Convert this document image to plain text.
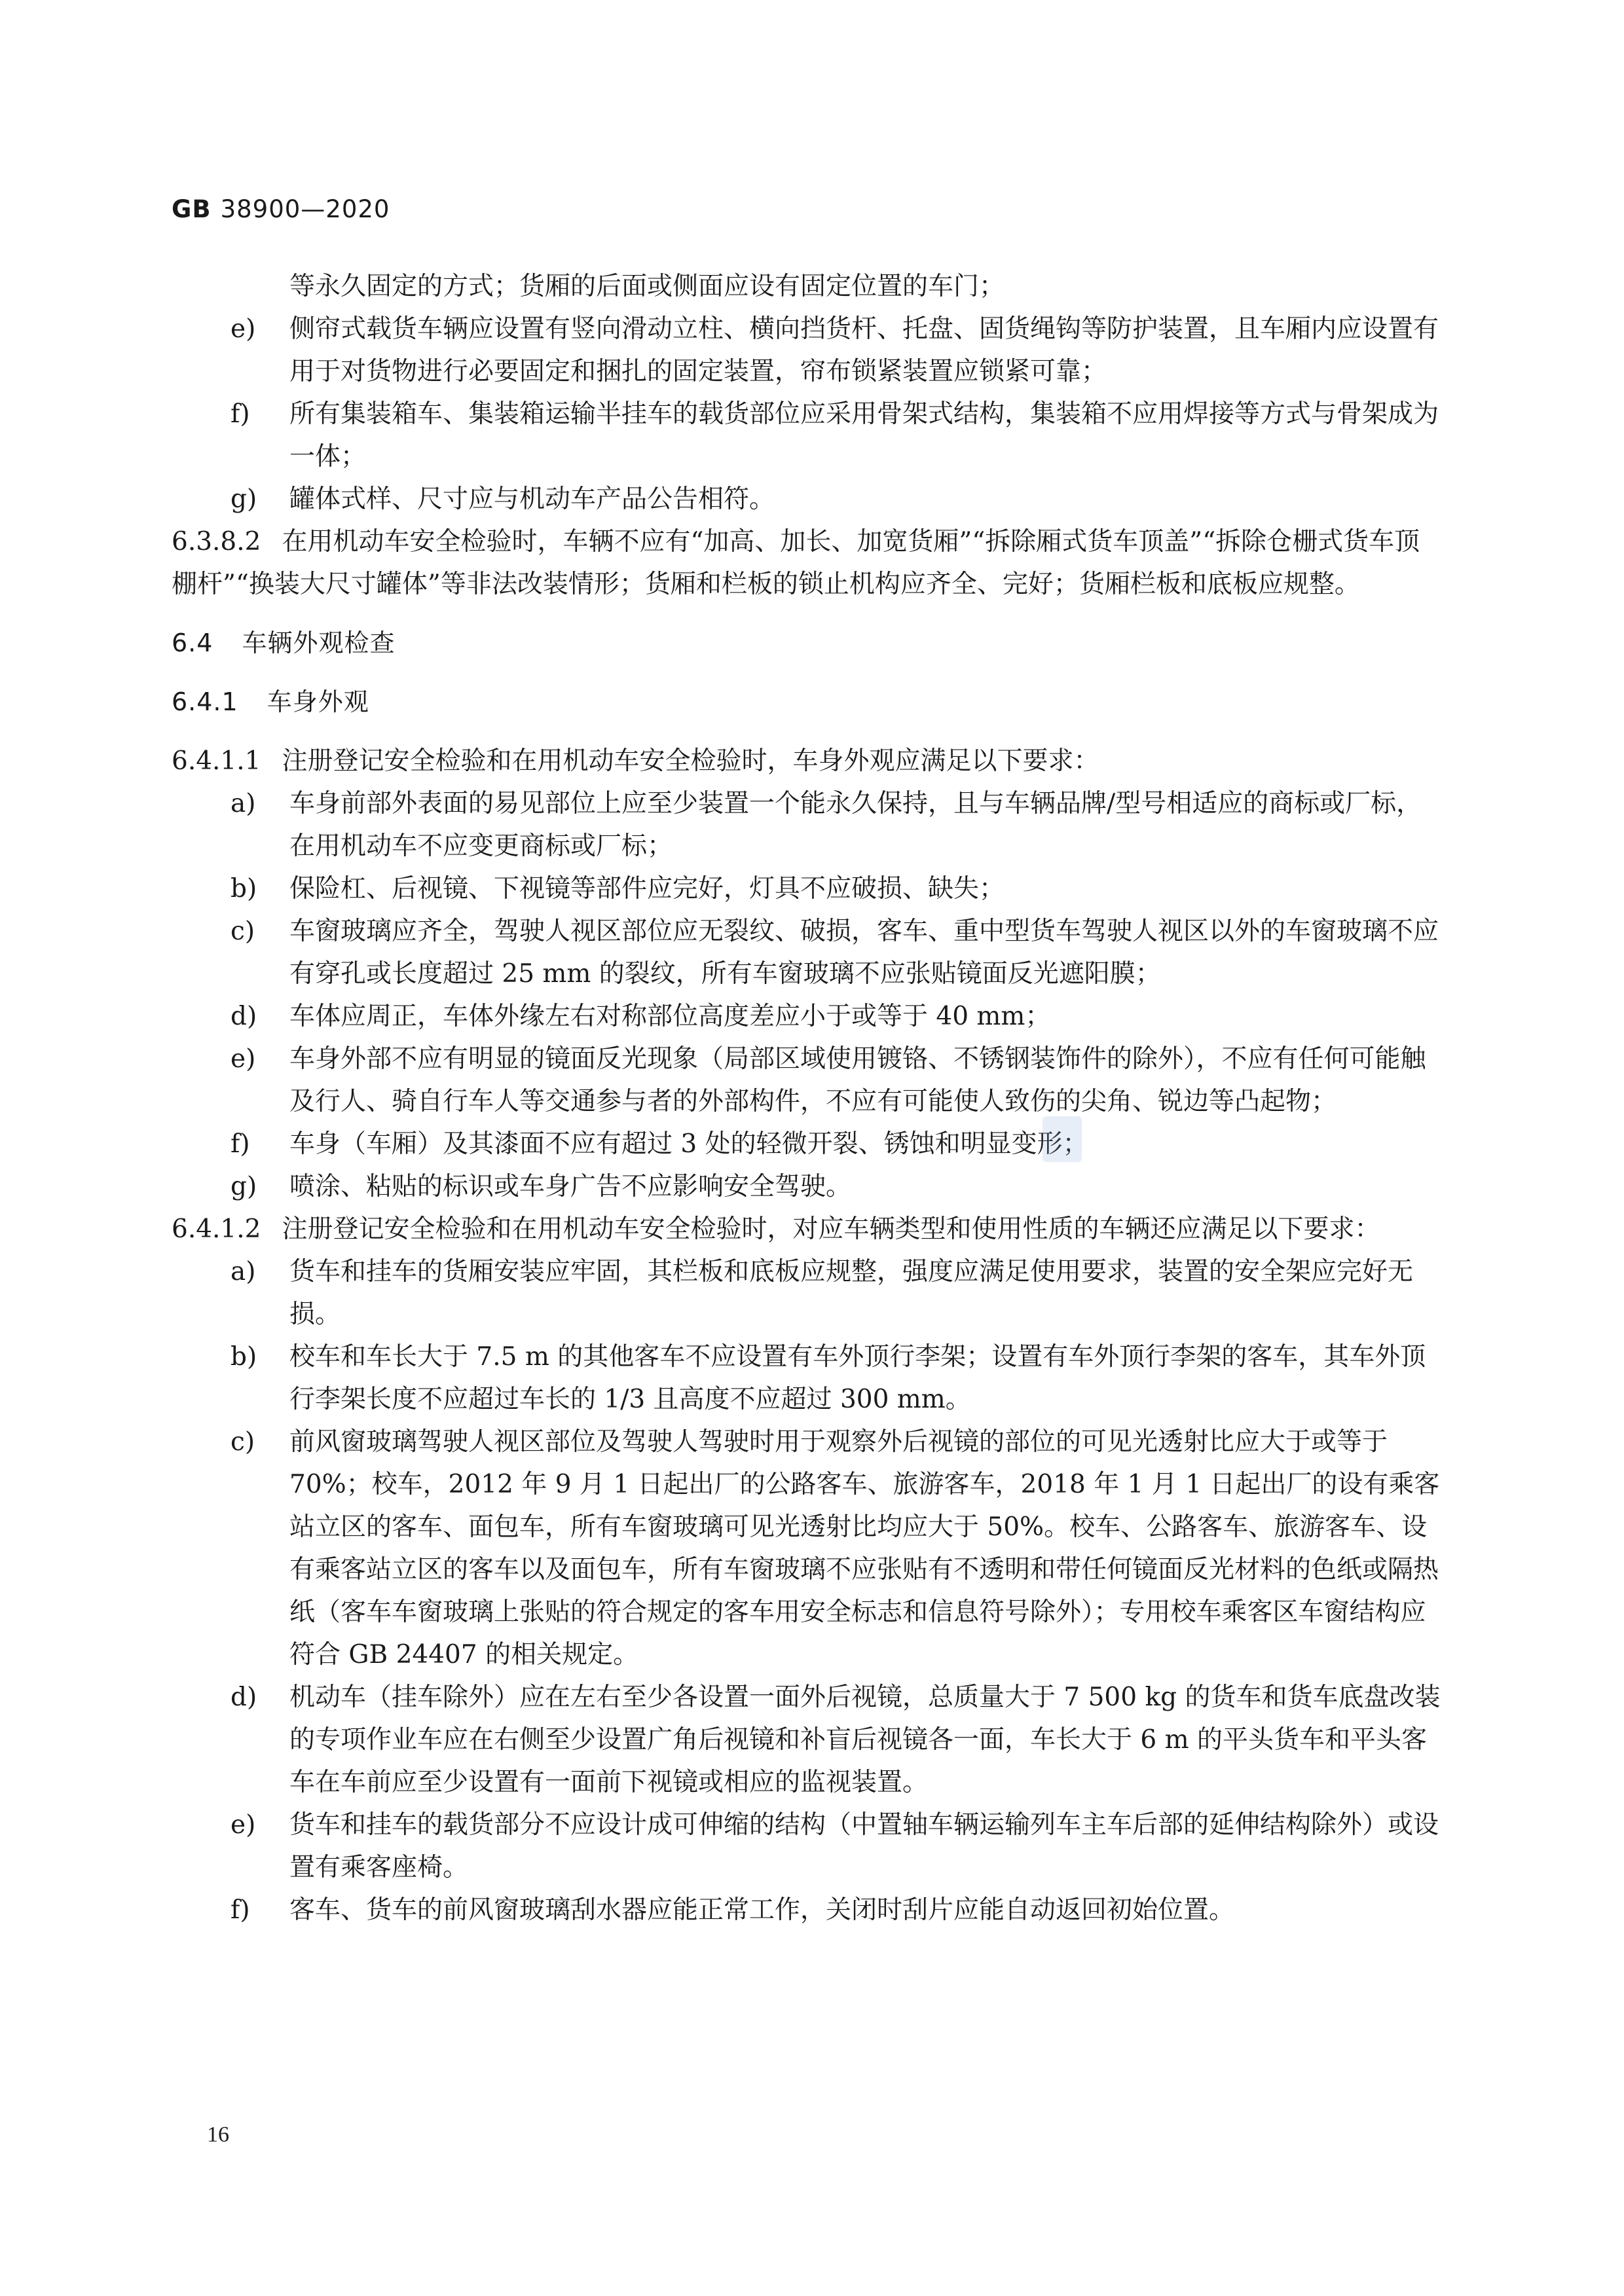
GB 38900—2020
等永久固定的方式；货厢的后面或侧面应设有固定位置的车门；
e) 侧帘式载货车辆应设置有竖向滑动立柱、横向挡货杆、托盘、固货绳钩等防护装置，且车厢内应设置有用于对货物进行必要固定和捆扎的固定装置，帘布锁紧装置应锁紧可靠；
f) 所有集装箱车、集装箱运输半挂车的载货部位应采用骨架式结构，集装箱不应用焊接等方式与骨架成为一体；
g) 罐体式样、尺寸应与机动车产品公告相符。
6.3.8.2 在用机动车安全检验时，车辆不应有“加高、加长、加宽货厢”“拆除厢式货车顶盖”“拆除仓栅式货车顶棚杆”“换装大尺寸罐体”等非法改装情形；货厢和栏板的锁止机构应齐全、完好；货厢栏板和底板应规整。
6.4 车辆外观检查
6.4.1 车身外观
6.4.1.1 注册登记安全检验和在用机动车安全检验时，车身外观应满足以下要求：
a) 车身前部外表面的易见部位上应至少装置一个能永久保持，且与车辆品牌/型号相适应的商标或厂标，在用机动车不应变更商标或厂标；
b) 保险杠、后视镜、下视镜等部件应完好，灯具不应破损、缺失；
c) 车窗玻璃应齐全，驾驶人视区部位应无裂纹、破损，客车、重中型货车驾驶人视区以外的车窗玻璃不应有穿孔或长度超过 25 mm 的裂纹，所有车窗玻璃不应张贴镜面反光遮阳膜；
d) 车体应周正，车体外缘左右对称部位高度差应小于或等于 40 mm；
e) 车身外部不应有明显的镜面反光现象（局部区域使用镀铬、不锈钢装饰件的除外），不应有任何可能触及行人、骑自行车人等交通参与者的外部构件，不应有可能使人致伤的尖角、锐边等凸起物；
f) 车身（车厢）及其漆面不应有超过 3 处的轻微开裂、锈蚀和明显变形；
g) 喷涂、粘贴的标识或车身广告不应影响安全驾驶。
6.4.1.2 注册登记安全检验和在用机动车安全检验时，对应车辆类型和使用性质的车辆还应满足以下要求：
a) 货车和挂车的货厢安装应牢固，其栏板和底板应规整，强度应满足使用要求，装置的安全架应完好无损。
b) 校车和车长大于 7.5 m 的其他客车不应设置有车外顶行李架；设置有车外顶行李架的客车，其车外顶行李架长度不应超过车长的 1/3 且高度不应超过 300 mm。
c) 前风窗玻璃驾驶人视区部位及驾驶人驾驶时用于观察外后视镜的部位的可见光透射比应大于或等于 70%；校车，2012 年 9 月 1 日起出厂的公路客车、旅游客车，2018 年 1 月 1 日起出厂的设有乘客站立区的客车、面包车，所有车窗玻璃可见光透射比均应大于 50%。校车、公路客车、旅游客车、设有乘客站立区的客车以及面包车，所有车窗玻璃不应张贴有不透明和带任何镜面反光材料的色纸或隔热纸（客车车窗玻璃上张贴的符合规定的客车用安全标志和信息符号除外）；专用校车乘客区车窗结构应符合 GB 24407 的相关规定。
d) 机动车（挂车除外）应在左右至少各设置一面外后视镜，总质量大于 7 500 kg 的货车和货车底盘改装的专项作业车应在右侧至少设置广角后视镜和补盲后视镜各一面，车长大于 6 m 的平头货车和平头客车在车前应至少设置有一面前下视镜或相应的监视装置。
e) 货车和挂车的载货部分不应设计成可伸缩的结构（中置轴车辆运输列车主车后部的延伸结构除外）或设置有乘客座椅。
f) 客车、货车的前风窗玻璃刮水器应能正常工作，关闭时刮片应能自动返回初始位置。
16
